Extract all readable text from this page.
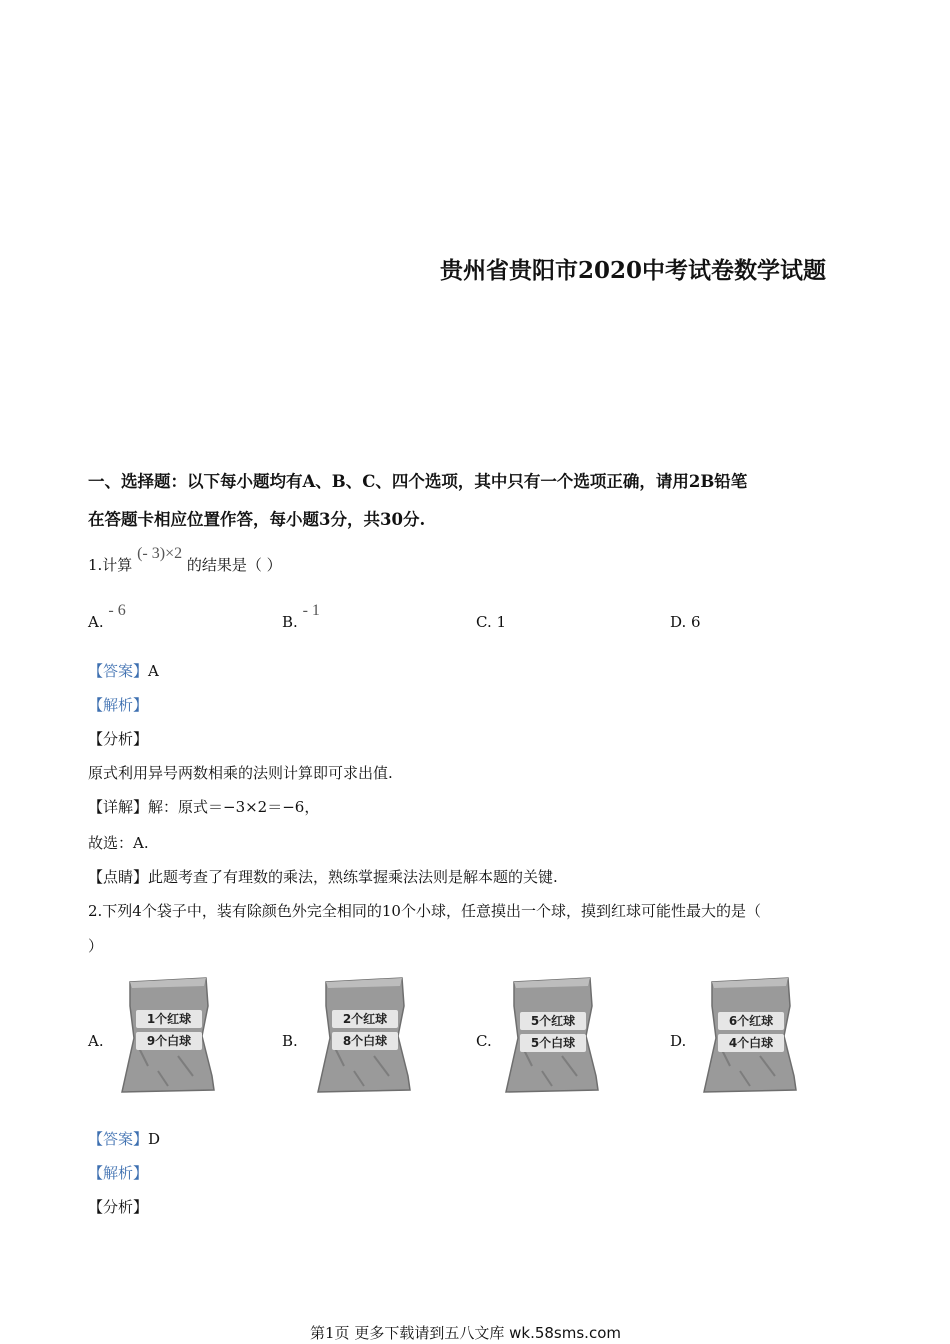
贵州省贵阳市2020中考试卷数学试题
一、选择题：以下每小题均有A、B、C、四个选项，其中只有一个选项正确，请用2B铅笔
在答题卡相应位置作答，每小题3分，共30分.
1.计算 (- 3)×2 的结果是（ ）
A. - 6
B. - 1
C. 1	D. 6
【答案】A
【解析】
【分析】
原式利用异号两数相乘的法则计算即可求出值.
【详解】解：原式＝−3×2＝−6，
故选：A.
【点睛】此题考查了有理数的乘法，熟练掌握乘法法则是解本题的关键.
2.下列4个袋子中，装有除颜色外完全相同的10个小球，任意摸出一个球，摸到红球可能性最大的是（
）
A.
1个红球
9个白球	B.
2个红球
8个白球	C.
5个红球
5个白球	D.
6个红球
4个白球
【答案】D
【解析】
【分析】
第1页 更多下载请到五八文库 wk.58sms.com
